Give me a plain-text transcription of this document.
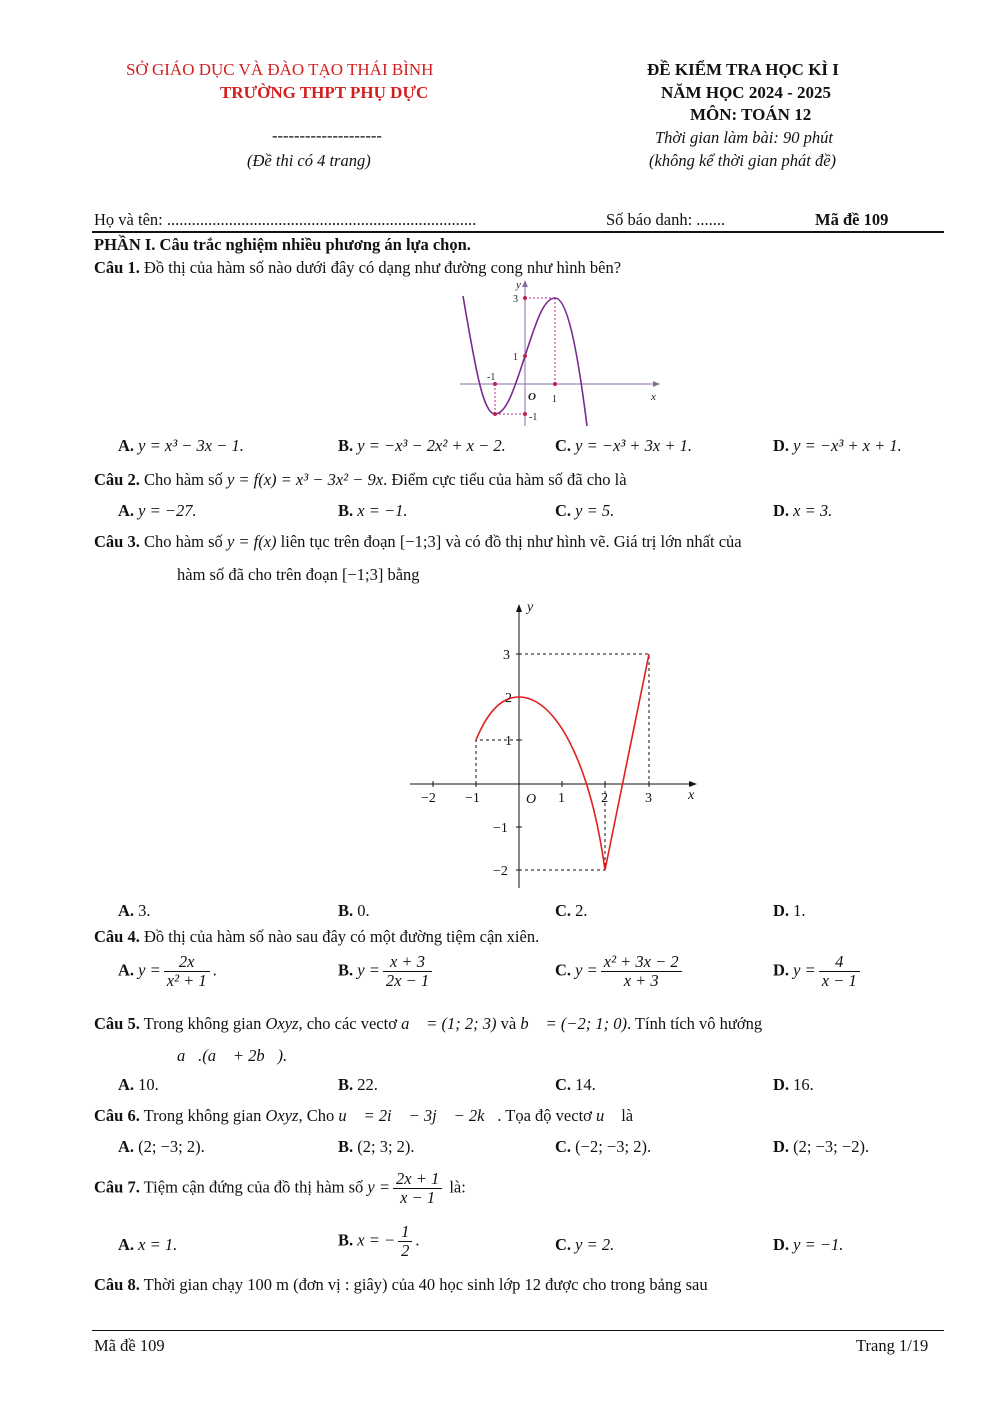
SỞ GIÁO DỤC VÀ ĐÀO TẠO THÁI BÌNH
TRƯỜNG THPT PHỤ DỰC
--------------------
(Đề thi có 4 trang)
ĐỀ KIỂM TRA HỌC KÌ I
NĂM HỌC 2024 - 2025
MÔN: TOÁN 12
Thời gian làm bài: 90 phút
(không kể thời gian phát đề)
Họ và tên: ...........................................................................	Số báo danh: .......	Mã đề 109
PHẦN I. Câu trắc nghiệm nhiều phương án lựa chọn.
Câu 1. Đồ thị của hàm số nào dưới đây có dạng như đường cong như hình bên?
y
x
O
3
1
-1
-1
1
A. y = x³ − 3x − 1.	B. y = −x³ − 2x² + x − 2.	C. y = −x³ + 3x + 1.	D. y = −x³ + x + 1.
Câu 2. Cho hàm số y = f(x) = x³ − 3x² − 9x. Điểm cực tiểu của hàm số đã cho là
A. y = −27.	B. x = −1.	C. y = 5.	D. x = 3.
Câu 3. Cho hàm số y = f(x) liên tục trên đoạn [−1;3] và có đồ thị như hình vẽ. Giá trị lớn nhất của
hàm số đã cho trên đoạn [−1;3] bằng
y
x
O
−2 −1	1	2	3
3
2
1
−1
−2
A. 3.	B. 0.	C. 2.	D. 1.
Câu 4. Đồ thị của hàm số nào sau đây có một đường tiệm cận xiên.
A. $y = \frac{2x}{\text{x² + 1}}$ .	B. $y = \frac{x + 3}{2x - 1}$	C. $y = \frac{\text{x² + 3x − 2}}{x + 3}$	D. $y = \frac{4}{x - 1}$
Câu 5. Trong không gian Oxyz, cho các vectơ a⃗ = (1; 2; 3) và b⃗ = (−2; 1; 0). Tính tích vô hướng
a⃗.(a⃗ + 2b⃗).
A. 10.	B. 22.	C. 14.	D. 16.
Câu 6. Trong không gian Oxyz, Cho u⃗ = 2i⃗ − 3j⃗ − 2k⃗. Tọa độ vectơ u⃗ là
A. (2; −3; 2).	B. (2; 3; 2).	C. (−2; −3; 2).	D. (2; −3; −2).
Câu 7. Tiệm cận đứng của đồ thị hàm số $y = \frac{2x + 1}{x - 1}$ là:
A. x = 1.	B. x = − $\frac{1}{2}$ .	C. y = 2.	D. y = −1.
Câu 8. Thời gian chạy 100 m (đơn vị : giây) của 40 học sinh lớp 12 được cho trong bảng sau
Mã đề 109	Trang 1/19
